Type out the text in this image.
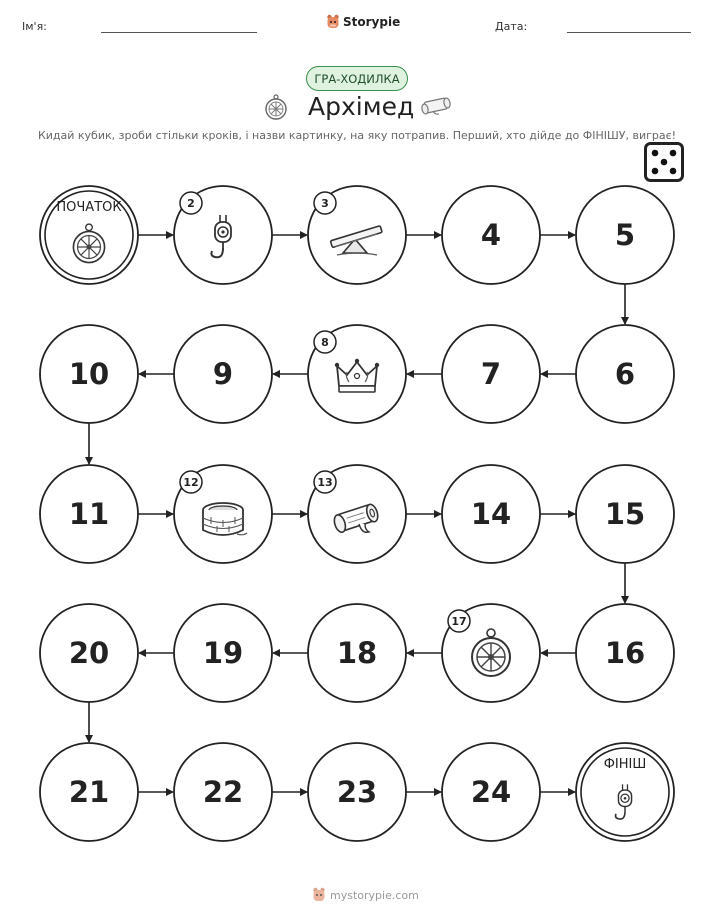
Ім'я:	Storypie	Дата:
ГРА-ХОДИЛКА
Архімед
Кидай кубик, зроби стільки кроків, і назви картинку, на яку потрапив. Перший, хто дійде до ФІНІШУ, виграє!
ПОЧАТОК	2	3
4	5
6
7
8
9
10
11
12	13
14	15
16
17
18
19
20
21	22	23	24
ФІНІШ
mystorypie.com
